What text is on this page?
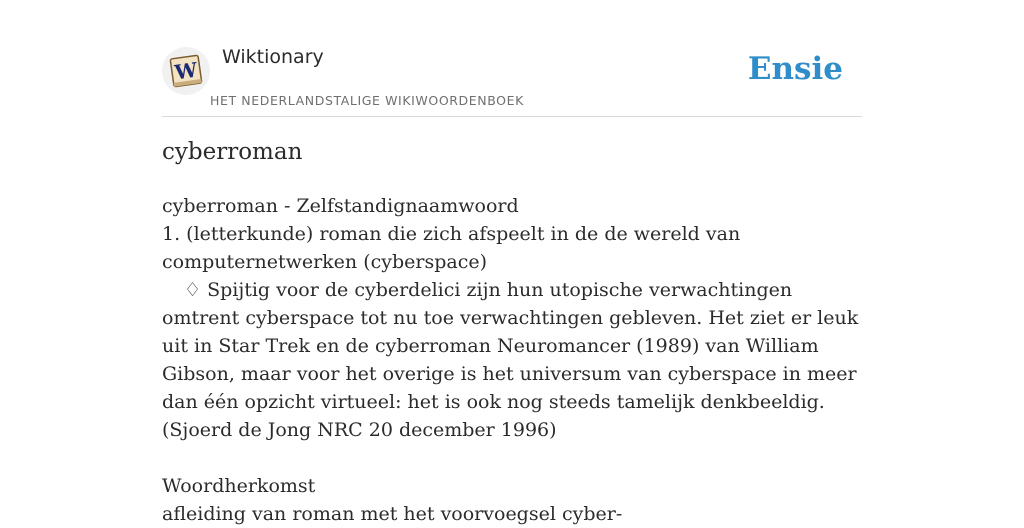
W
Wiktionary
HET NEDERLANDSTALIGE WIKIWOORDENBOEK
Ensie
cyberroman

cyberroman - Zelfstandignaamwoord

1. (letterkunde) roman die zich afspeelt in de de wereld van computernetwerken (cyberspace)

♢ Spijtig voor de cyberdelici zijn hun utopische verwachtingen omtrent cyberspace tot nu toe verwachtingen gebleven. Het ziet er leuk uit in Star Trek en de cyberroman Neuromancer (1989) van William Gibson, maar voor het overige is het universum van cyberspace in meer dan één opzicht virtueel: het is ook nog steeds tamelijk denkbeeldig. (Sjoerd de Jong NRC 20 december 1996)

Woordherkomst

afleiding van roman met het voorvoegsel cyber-
